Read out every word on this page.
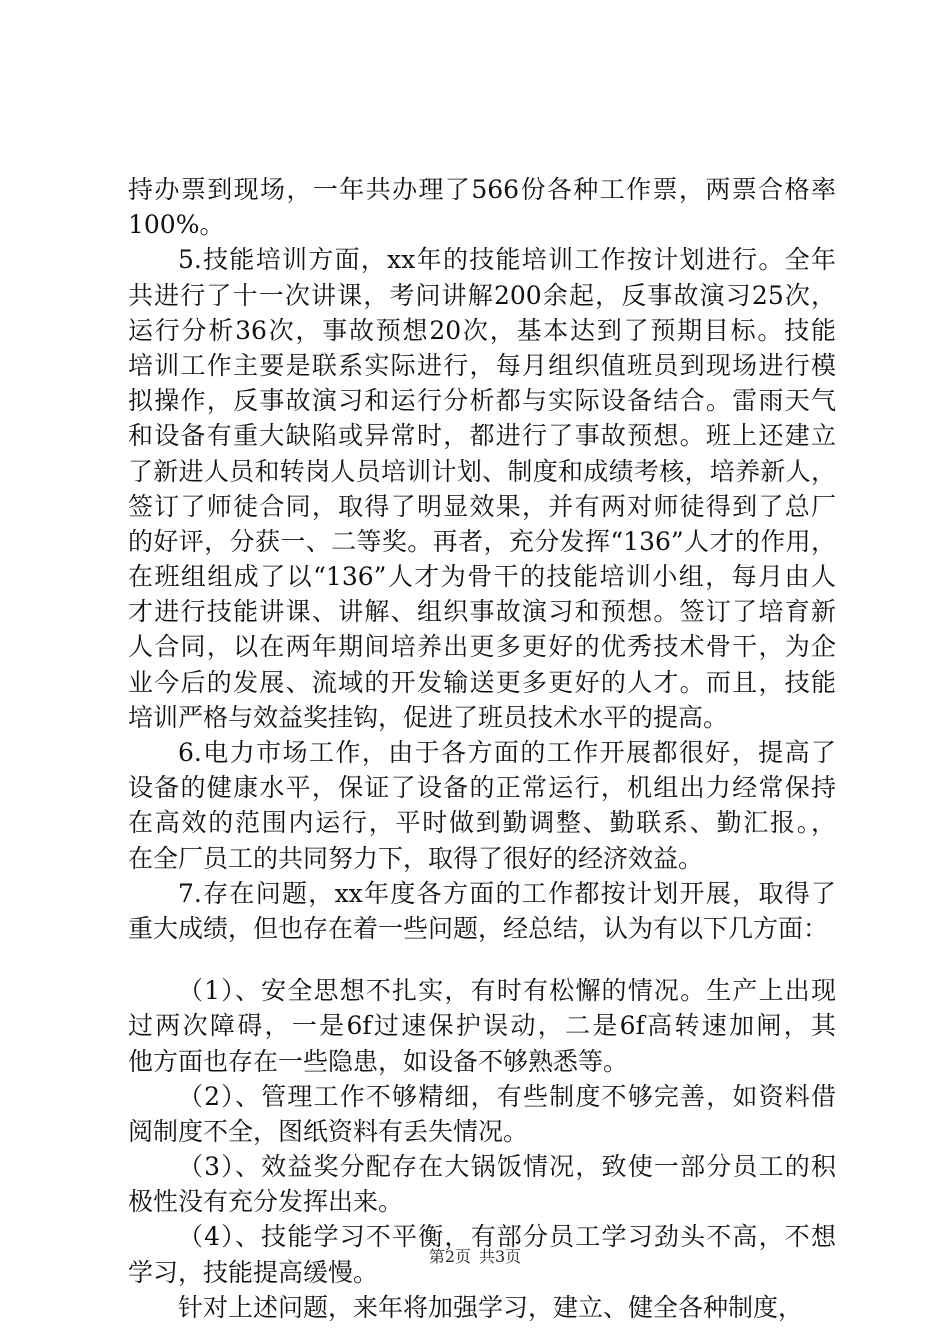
持办票到现场，一年共办理了566份各种工作票，两票合格率
100%。
5.技能培训方面，xx年的技能培训工作按计划进行。全年
共进行了十一次讲课，考问讲解200余起，反事故演习25次，
运行分析36次，事故预想20次，基本达到了预期目标。技能
培训工作主要是联系实际进行，每月组织值班员到现场进行模
拟操作，反事故演习和运行分析都与实际设备结合。雷雨天气
和设备有重大缺陷或异常时，都进行了事故预想。班上还建立
了新进人员和转岗人员培训计划、制度和成绩考核，培养新人，
签订了师徒合同，取得了明显效果，并有两对师徒得到了总厂
的好评，分获一、二等奖。再者，充分发挥“136”人才的作用，
在班组组成了以“136”人才为骨干的技能培训小组，每月由人
才进行技能讲课、讲解、组织事故演习和预想。签订了培育新
人合同，以在两年期间培养出更多更好的优秀技术骨干，为企
业今后的发展、流域的开发输送更多更好的人才。而且，技能
培训严格与效益奖挂钩，促进了班员技术水平的提高。
6.电力市场工作，由于各方面的工作开展都很好，提高了
设备的健康水平，保证了设备的正常运行，机组出力经常保持
在高效的范围内运行，平时做到勤调整、勤联系、勤汇报。，
在全厂员工的共同努力下，取得了很好的经济效益。
7.存在问题，xx年度各方面的工作都按计划开展，取得了
重大成绩，但也存在着一些问题，经总结，认为有以下几方面：
（1）、安全思想不扎实，有时有松懈的情况。生产上出现
过两次障碍，一是6f过速保护误动，二是6f高转速加闸，其
他方面也存在一些隐患，如设备不够熟悉等。
（2）、管理工作不够精细，有些制度不够完善，如资料借
阅制度不全，图纸资料有丢失情况。
（3）、效益奖分配存在大锅饭情况，致使一部分员工的积
极性没有充分发挥出来。
（4）、技能学习不平衡，有部分员工学习劲头不高，不想
学习，技能提高缓慢。
针对上述问题，来年将加强学习，建立、健全各种制度，
第2页 共3页
